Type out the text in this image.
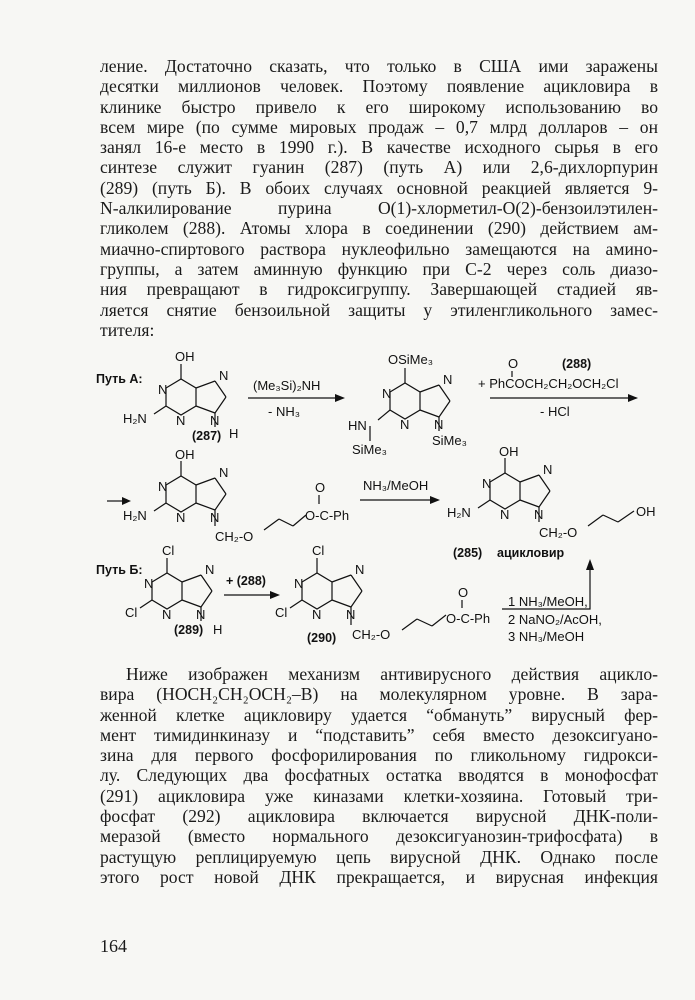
ление. Достаточно сказать, что только в США ими заражены
десятки миллионов человек. Поэтому появление ацикловира в
клинике быстро привело к его широкому использованию во
всем мире (по сумме мировых продаж – 0,7 млрд долларов – он
занял 16-е место в 1990 г.). В качестве исходного сырья в его
синтезе служит гуанин (287) (путь А) или 2,6-дихлорпурин
(289) (путь Б). В обоих случаях основной реакцией является 9-
N-алкилирование пурина О(1)-хлорметил-О(2)-бензоилэтилен-
гликолем (288). Атомы хлора в соединении (290) действием ам-
миачно-спиртового раствора нуклеофильно замещаются на амино-
группы, а затем аминную функцию при С-2 через соль диазо-
ния превращают в гидроксигруппу. Завершающей стадией яв-
ляется снятие бензоильной защиты у этиленгликольного замес-
тителя:
Путь А:
OH
N
N
N
N
H
H₂N
(287)
(Me₃Si)₂NH
- NH₃
OSiMe₃
N
N
N
N
HN
SiMe₃
SiMe₃
O	(288)
+ PhCOCH₂CH₂OCH₂Cl
- HCl
OH
N
N
N
N
H₂N
CH₂-O
O
O-C-Ph
NH₃/MeOH
OH
N
N
N
N
H₂N
CH₂-O
OH
(285) ацикловир
Путь Б:
Cl
N
N
N
N
Cl
H
(289)
+ (288)
Cl
N
N
N
N
Cl
(290) CH₂-O
O
O-C-Ph
1 NH₃/MeOH,
2 NaNO₂/AcOH,
3 NH₃/MeOH
Ниже изображен механизм антивирусного действия ацикло-
вира (HOCH₂CH₂OCH₂–В) на молекулярном уровне. В зара-
женной клетке ацикловиру удается “обмануть” вирусный фер-
мент тимидинкиназу и “подставить” себя вместо дезоксигуано-
зина для первого фосфорилирования по гликольному гидрокси-
лу. Следующих два фосфатных остатка вводятся в монофосфат
(291) ацикловира уже киназами клетки-хозяина. Готовый три-
фосфат (292) ацикловира включается вирусной ДНК-поли-
меразой (вместо нормального дезоксигуанозин-трифосфата) в
растущую реплицируемую цепь вирусной ДНК. Однако после
этого рост новой ДНК прекращается, и вирусная инфекция
164
